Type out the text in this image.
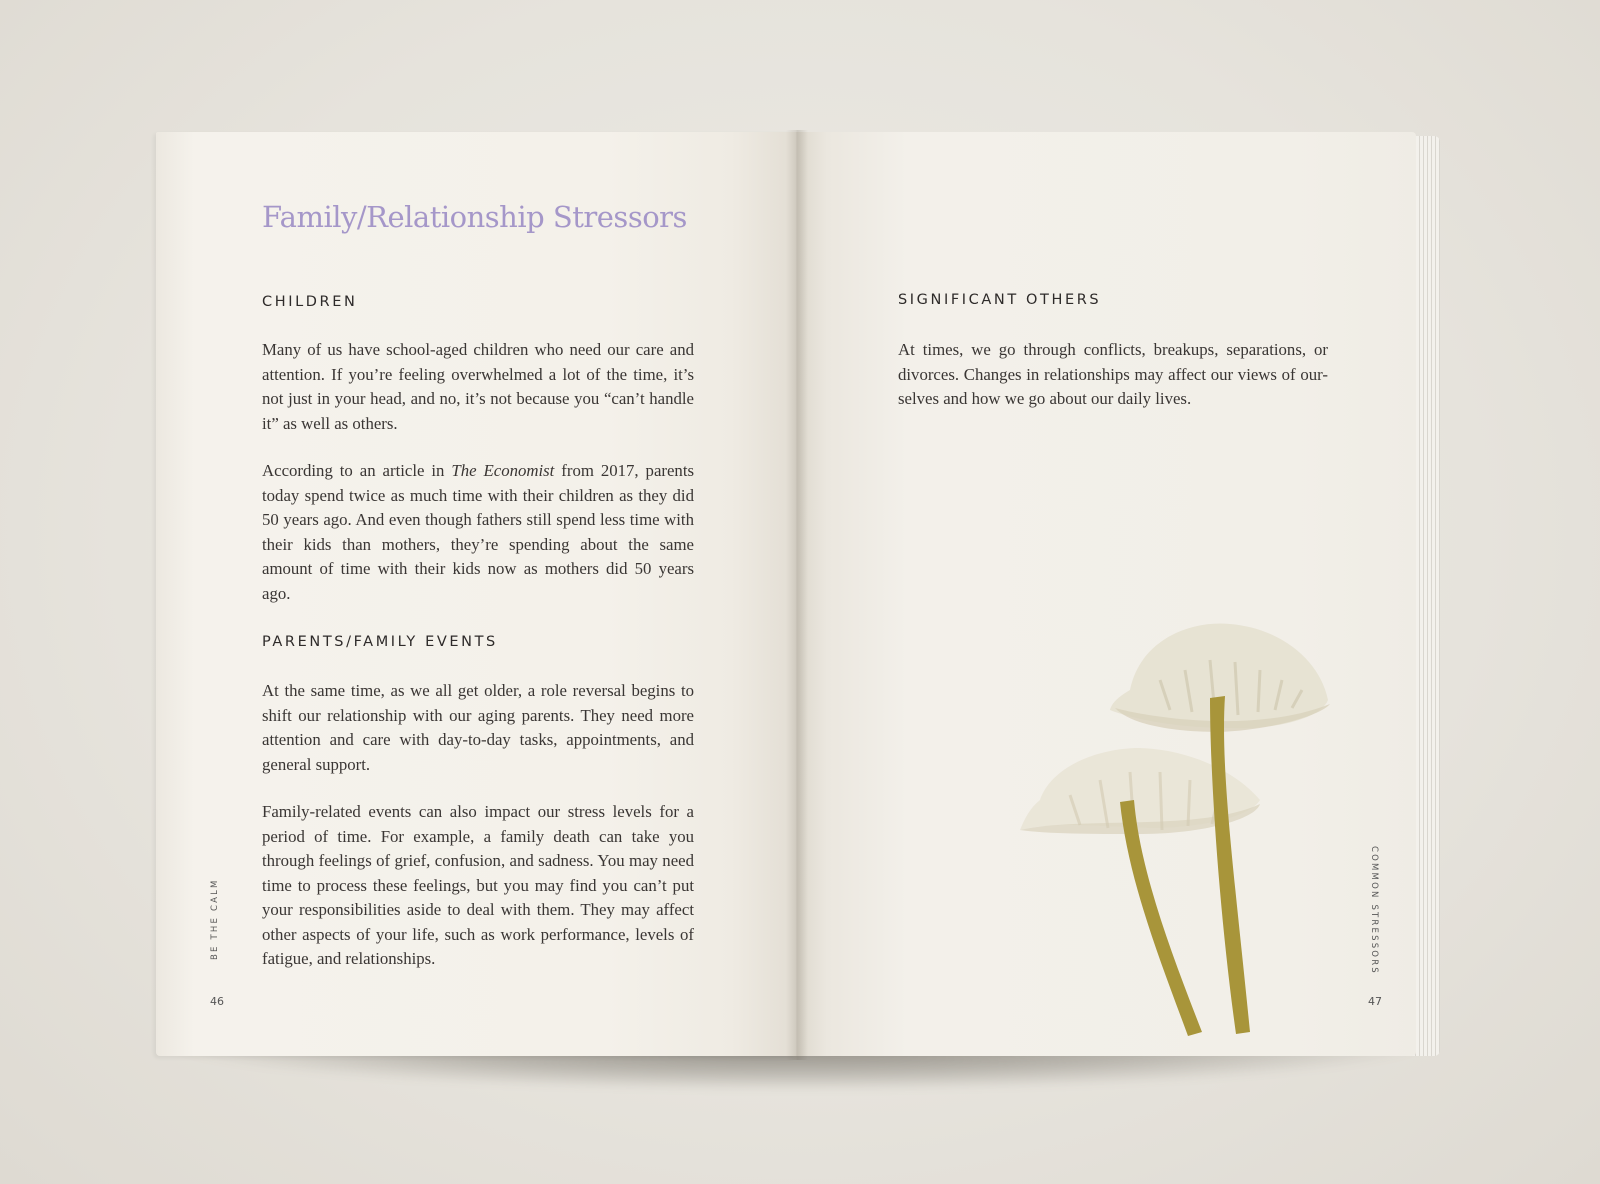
Family/Relationship Stressors
CHILDREN

Many of us have school-aged children who need our care and attention. If you’re feeling overwhelmed a lot of the time, it’s not just in your head, and no, it’s not because you “can’t handle it” as well as others.

According to an article in The Economist from 2017, parents today spend twice as much time with their children as they did 50 years ago. And even though fathers still spend less time with their kids than mothers, they’re spending about the same amount of time with their kids now as mothers did 50 years ago.

PARENTS/FAMILY EVENTS

At the same time, as we all get older, a role reversal begins to shift our relationship with our aging parents. They need more attention and care with day-to-day tasks, appointments, and general support.

Family-related events can also impact our stress levels for a period of time. For example, a family death can take you through feelings of grief, confusion, and sadness. You may need time to process these feelings, but you may find you can’t put your responsibilities aside to deal with them. They may affect other aspects of your life, such as work performance, levels of fatigue, and relationships.

BE THE CALM
46
SIGNIFICANT OTHERS

At times, we go through conflicts, breakups, separations, or divorces. Changes in relationships may affect our views of our-selves and how we go about our daily lives.

COMMON STRESSORS
47
